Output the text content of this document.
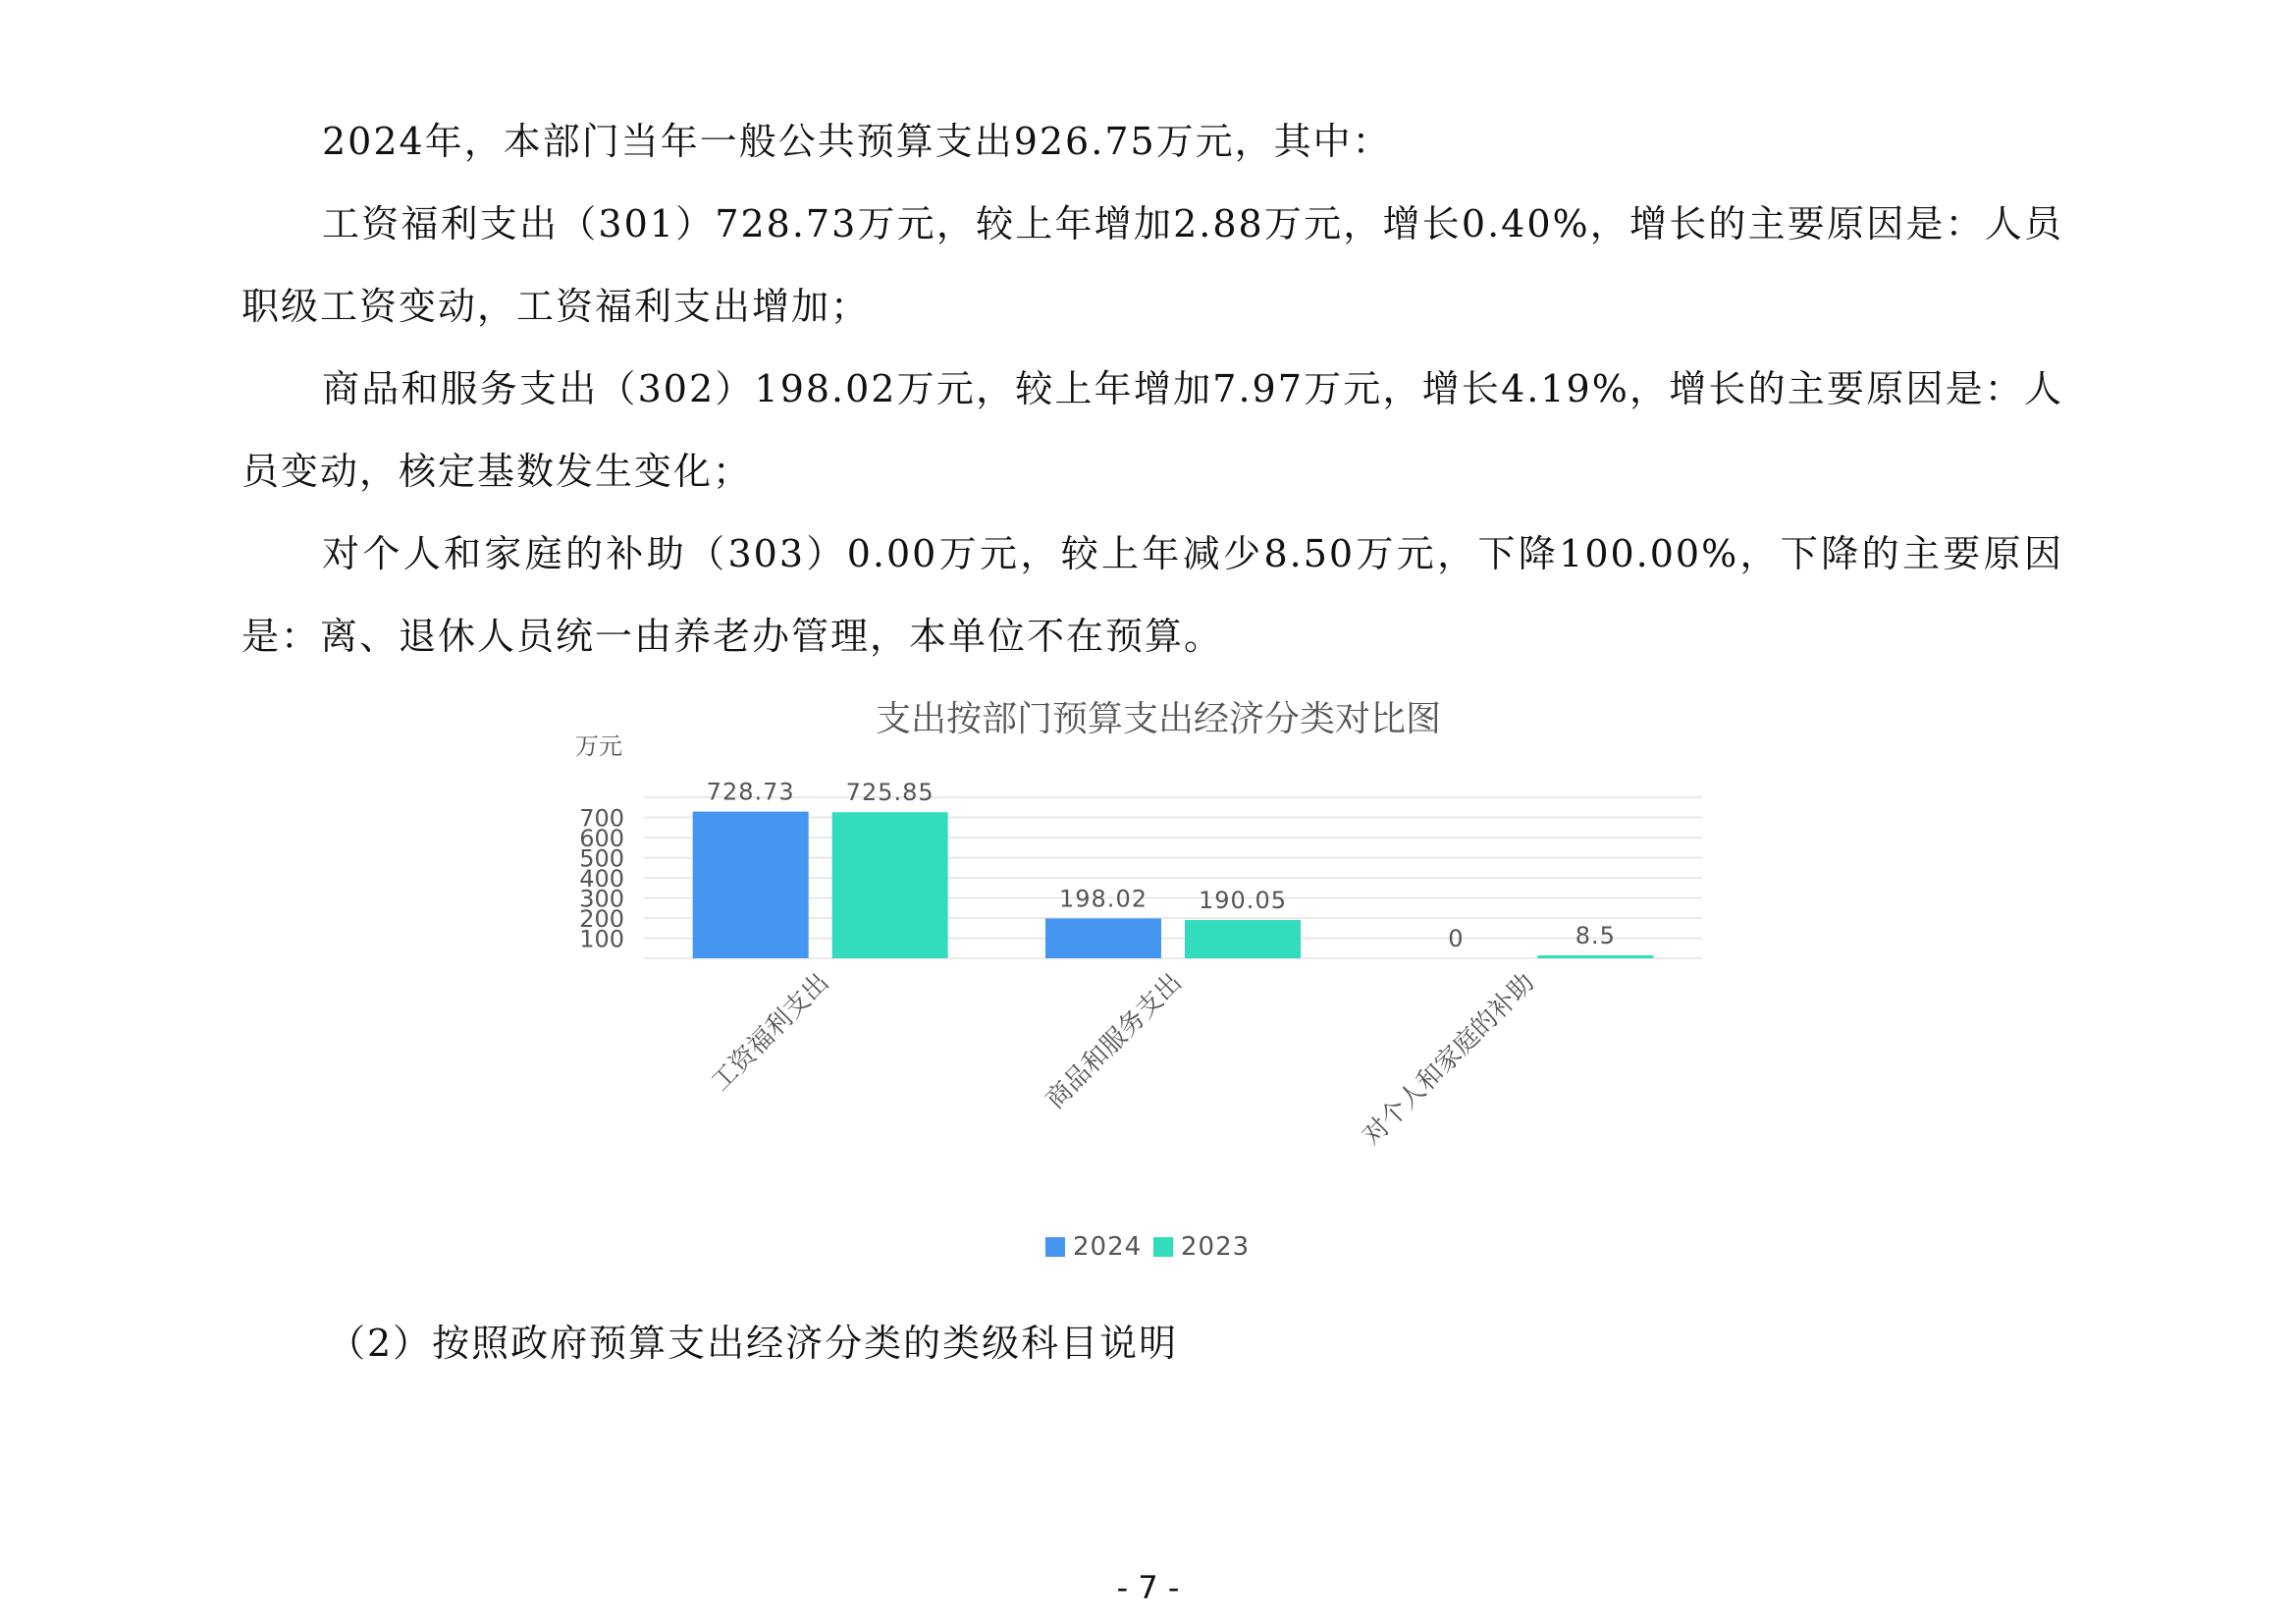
2024年，本部门当年一般公共预算支出926.75万元，其中：

工资福利支出（301）728.73万元，较上年增加2.88万元，增长0.40%，增长的主要原因是：人员职级工资变动，工资福利支出增加；

商品和服务支出（302）198.02万元，较上年增加7.97万元，增长4.19%，增长的主要原因是：人员变动，核定基数发生变化；

对个人和家庭的补助（303）0.00万元，较上年减少8.50万元，下降100.00%，下降的主要原因是：离、退休人员统一由养老办管理，本单位不在预算。

支出按部门预算支出经济分类对比图
万元
100
200
300
400
500
600
700
728.73 725.85
198.02 190.05
0	8.5
工资福利支出	商品和服务支出	对个人和家庭的补助
2024 2023

（2）按照政府预算支出经济分类的类级科目说明

- 7 -
